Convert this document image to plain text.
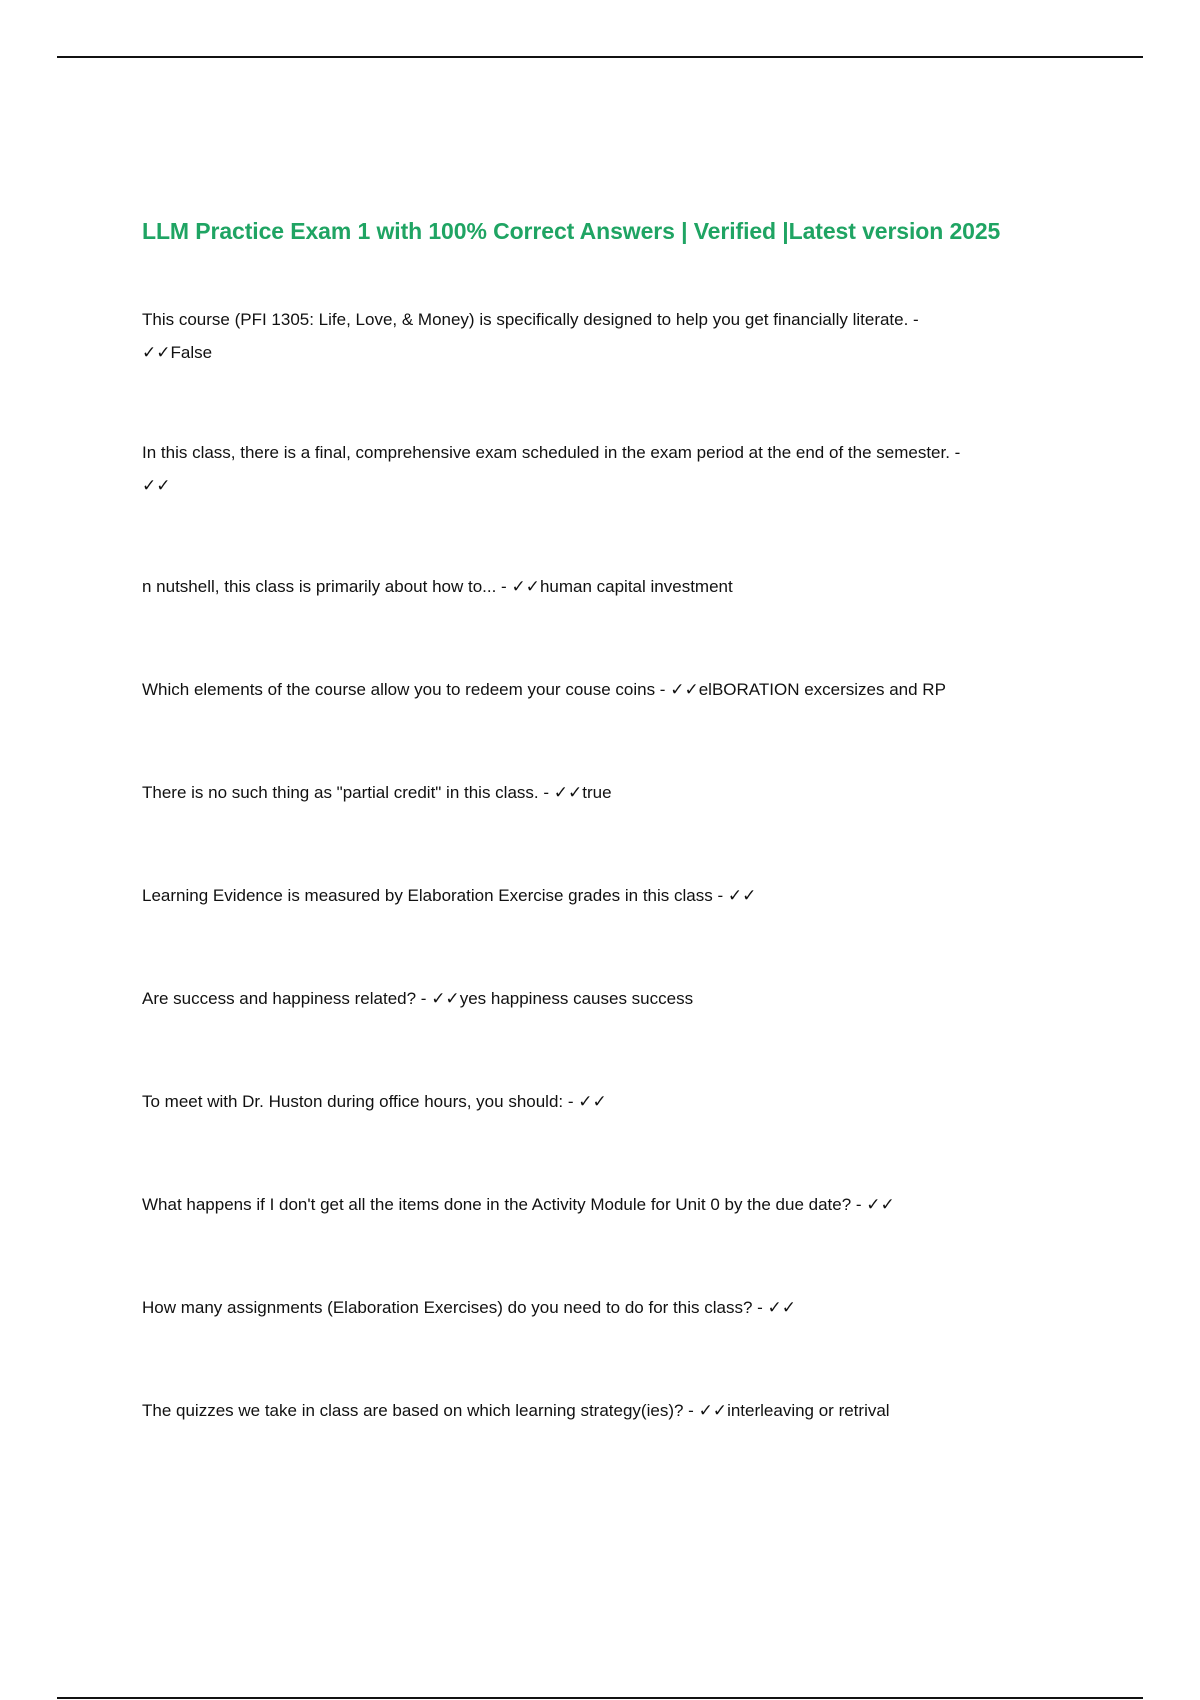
LLM Practice Exam 1 with 100% Correct Answers | Verified |Latest version 2025
This course (PFI 1305: Life, Love, & Money) is specifically designed to help you get financially literate. -
✓✓False
In this class, there is a final, comprehensive exam scheduled in the exam period at the end of the semester. -
✓✓
n nutshell, this class is primarily about how to... - ✓✓human capital investment
Which elements of the course allow you to redeem your couse coins - ✓✓elBORATION excersizes and RP
There is no such thing as "partial credit" in this class. - ✓✓true
Learning Evidence is measured by Elaboration Exercise grades in this class - ✓✓
Are success and happiness related? - ✓✓yes happiness causes success
To meet with Dr. Huston during office hours, you should: - ✓✓
What happens if I don't get all the items done in the Activity Module for Unit 0 by the due date? - ✓✓
How many assignments (Elaboration Exercises) do you need to do for this class? - ✓✓
The quizzes we take in class are based on which learning strategy(ies)? - ✓✓interleaving or retrival
